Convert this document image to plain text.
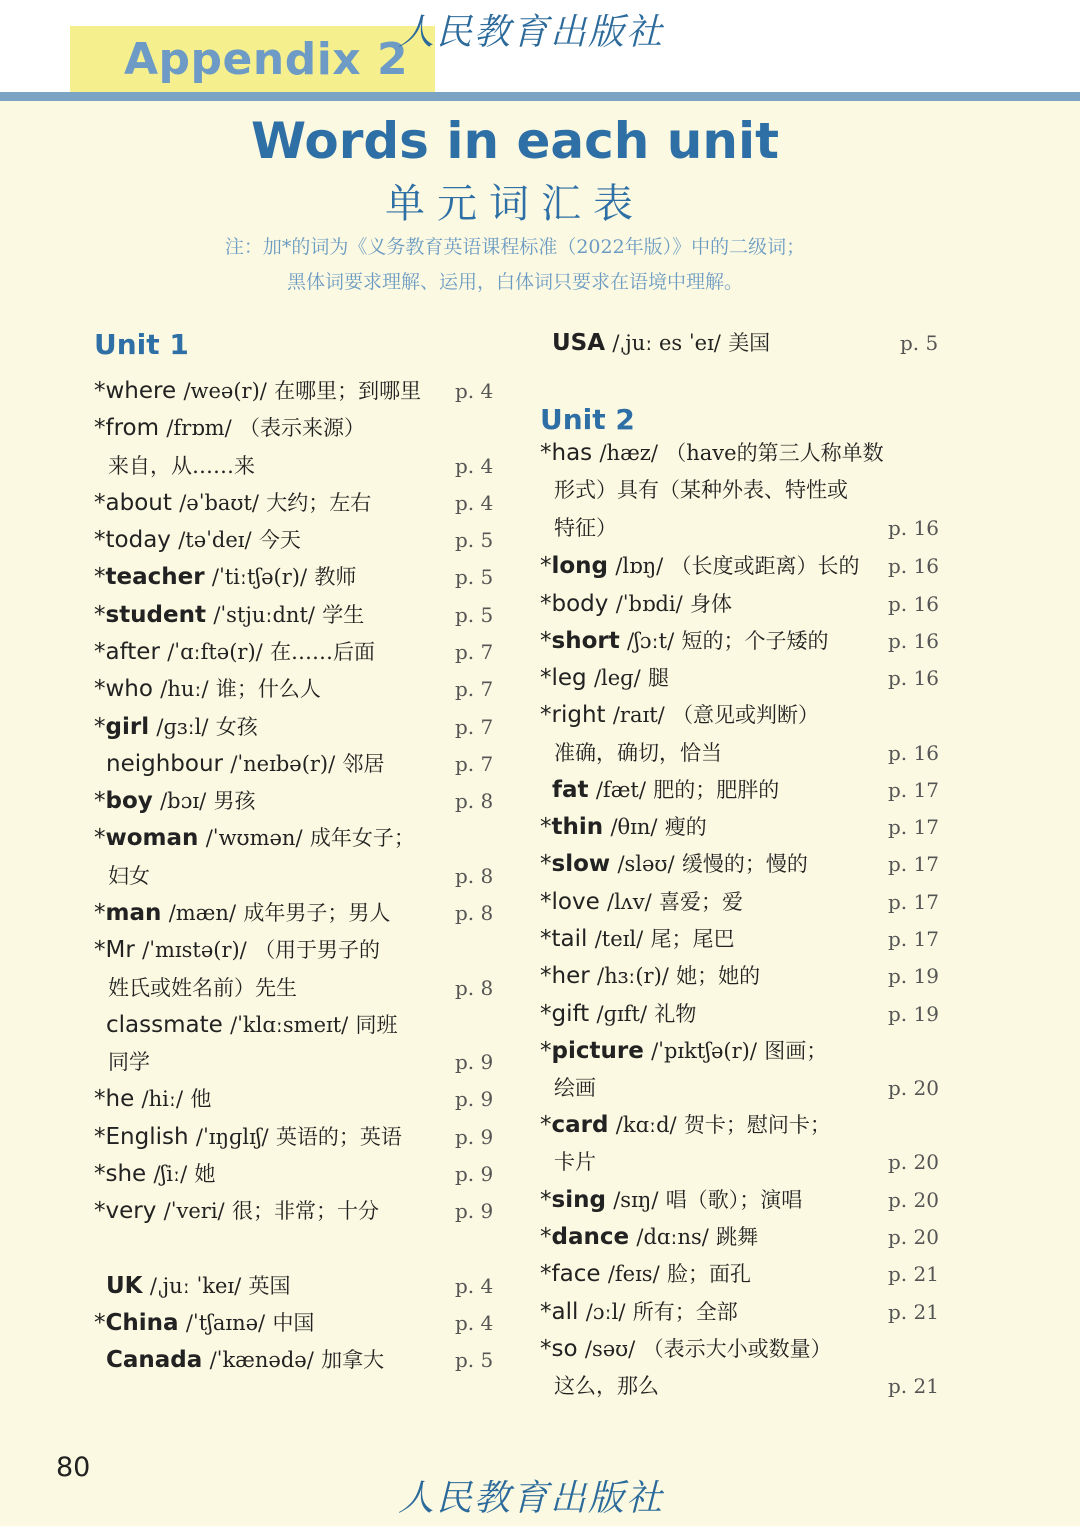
Appendix 2
人民教育出版社
Words in each unit
单元词汇表
注：加*的词为《义务教育英语课程标准（2022年版）》中的二级词；
黑体词要求理解、运用，白体词只要求在语境中理解。
Unit 1
Unit 2
*where /weə(r)/ 在哪里；到哪里 p. 4
*from /frɒm/ （表示来源）
来自，从……来	p. 4
*about /əˈbaʊt/ 大约；左右	p. 4
*today /təˈdeɪ/ 今天	p. 5
*teacher /ˈtiːtʃə(r)/ 教师	p. 5
*student /ˈstjuːdnt/ 学生	p. 5
*after /ˈɑːftə(r)/ 在……后面	p. 7
*who /huː/ 谁；什么人	p. 7
*girl /ɡɜːl/ 女孩	p. 7
neighbour /ˈneɪbə(r)/ 邻居	p. 7
*boy /bɔɪ/ 男孩	p. 8
*woman /ˈwʊmən/ 成年女子；
妇女	p. 8
*man /mæn/ 成年男子；男人	p. 8
*Mr /ˈmɪstə(r)/ （用于男子的
姓氏或姓名前）先生	p. 8
classmate /ˈklɑːsmeɪt/ 同班
同学	p. 9
*he /hiː/ 他	p. 9
*English /ˈɪŋɡlɪʃ/ 英语的；英语	p. 9
*she /ʃiː/ 她	p. 9
*very /ˈveri/ 很；非常；十分	p. 9
UK /ˌjuː ˈkeɪ/ 英国	p. 4
*China /ˈtʃaɪnə/ 中国	p. 4
Canada /ˈkænədə/ 加拿大	p. 5
USA /ˌjuː es ˈeɪ/ 美国	p. 5
*has /hæz/ （have的第三人称单数
形式）具有（某种外表、特性或
特征）	p. 16
*long /lɒŋ/ （长度或距离）长的 p. 16
*body /ˈbɒdi/ 身体	p. 16
*short /ʃɔːt/ 短的；个子矮的	p. 16
*leg /leɡ/ 腿	p. 16
*right /raɪt/ （意见或判断）
准确，确切，恰当	p. 16
fat /fæt/ 肥的；肥胖的	p. 17
*thin /θɪn/ 瘦的	p. 17
*slow /sləʊ/ 缓慢的；慢的	p. 17
*love /lʌv/ 喜爱；爱	p. 17
*tail /teɪl/ 尾；尾巴	p. 17
*her /hɜː(r)/ 她；她的	p. 19
*gift /ɡɪft/ 礼物	p. 19
*picture /ˈpɪktʃə(r)/ 图画；
绘画	p. 20
*card /kɑːd/ 贺卡；慰问卡；
卡片	p. 20
*sing /sɪŋ/ 唱（歌）；演唱	p. 20
*dance /dɑːns/ 跳舞	p. 20
*face /feɪs/ 脸；面孔	p. 21
*all /ɔːl/ 所有；全部	p. 21
*so /səʊ/ （表示大小或数量）
这么，那么	p. 21
80
人民教育出版社
